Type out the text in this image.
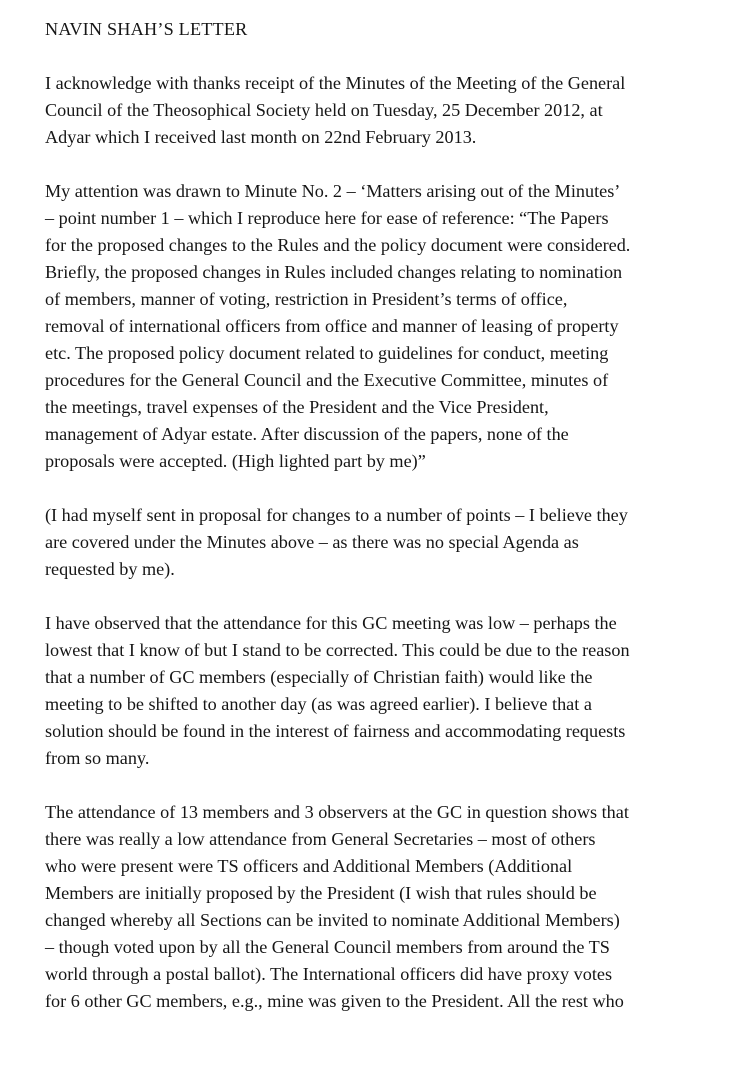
NAVIN SHAH’S LETTER
I acknowledge with thanks receipt of the Minutes of the Meeting of the General
Council of the Theosophical Society held on Tuesday, 25 December 2012, at
Adyar which I received last month on 22nd February 2013.
My attention was drawn to Minute No. 2 – ‘Matters arising out of the Minutes’
– point number 1 – which I reproduce here for ease of reference: “The Papers
for the proposed changes to the Rules and the policy document were considered.
Briefly, the proposed changes in Rules included changes relating to nomination
of members, manner of voting, restriction in President’s terms of office,
removal of international officers from office and manner of leasing of property
etc. The proposed policy document related to guidelines for conduct, meeting
procedures for the General Council and the Executive Committee, minutes of
the meetings, travel expenses of the President and the Vice President,
management of Adyar estate. After discussion of the papers, none of the
proposals were accepted. (High lighted part by me)”
(I had myself sent in proposal for changes to a number of points – I believe they
are covered under the Minutes above – as there was no special Agenda as
requested by me).
I have observed that the attendance for this GC meeting was low – perhaps the
lowest that I know of but I stand to be corrected. This could be due to the reason
that a number of GC members (especially of Christian faith) would like the
meeting to be shifted to another day (as was agreed earlier). I believe that a
solution should be found in the interest of fairness and accommodating requests
from so many.
The attendance of 13 members and 3 observers at the GC in question shows that
there was really a low attendance from General Secretaries – most of others
who were present were TS officers and Additional Members (Additional
Members are initially proposed by the President (I wish that rules should be
changed whereby all Sections can be invited to nominate Additional Members)
– though voted upon by all the General Council members from around the TS
world through a postal ballot). The International officers did have proxy votes
for 6 other GC members, e.g., mine was given to the President. All the rest who
